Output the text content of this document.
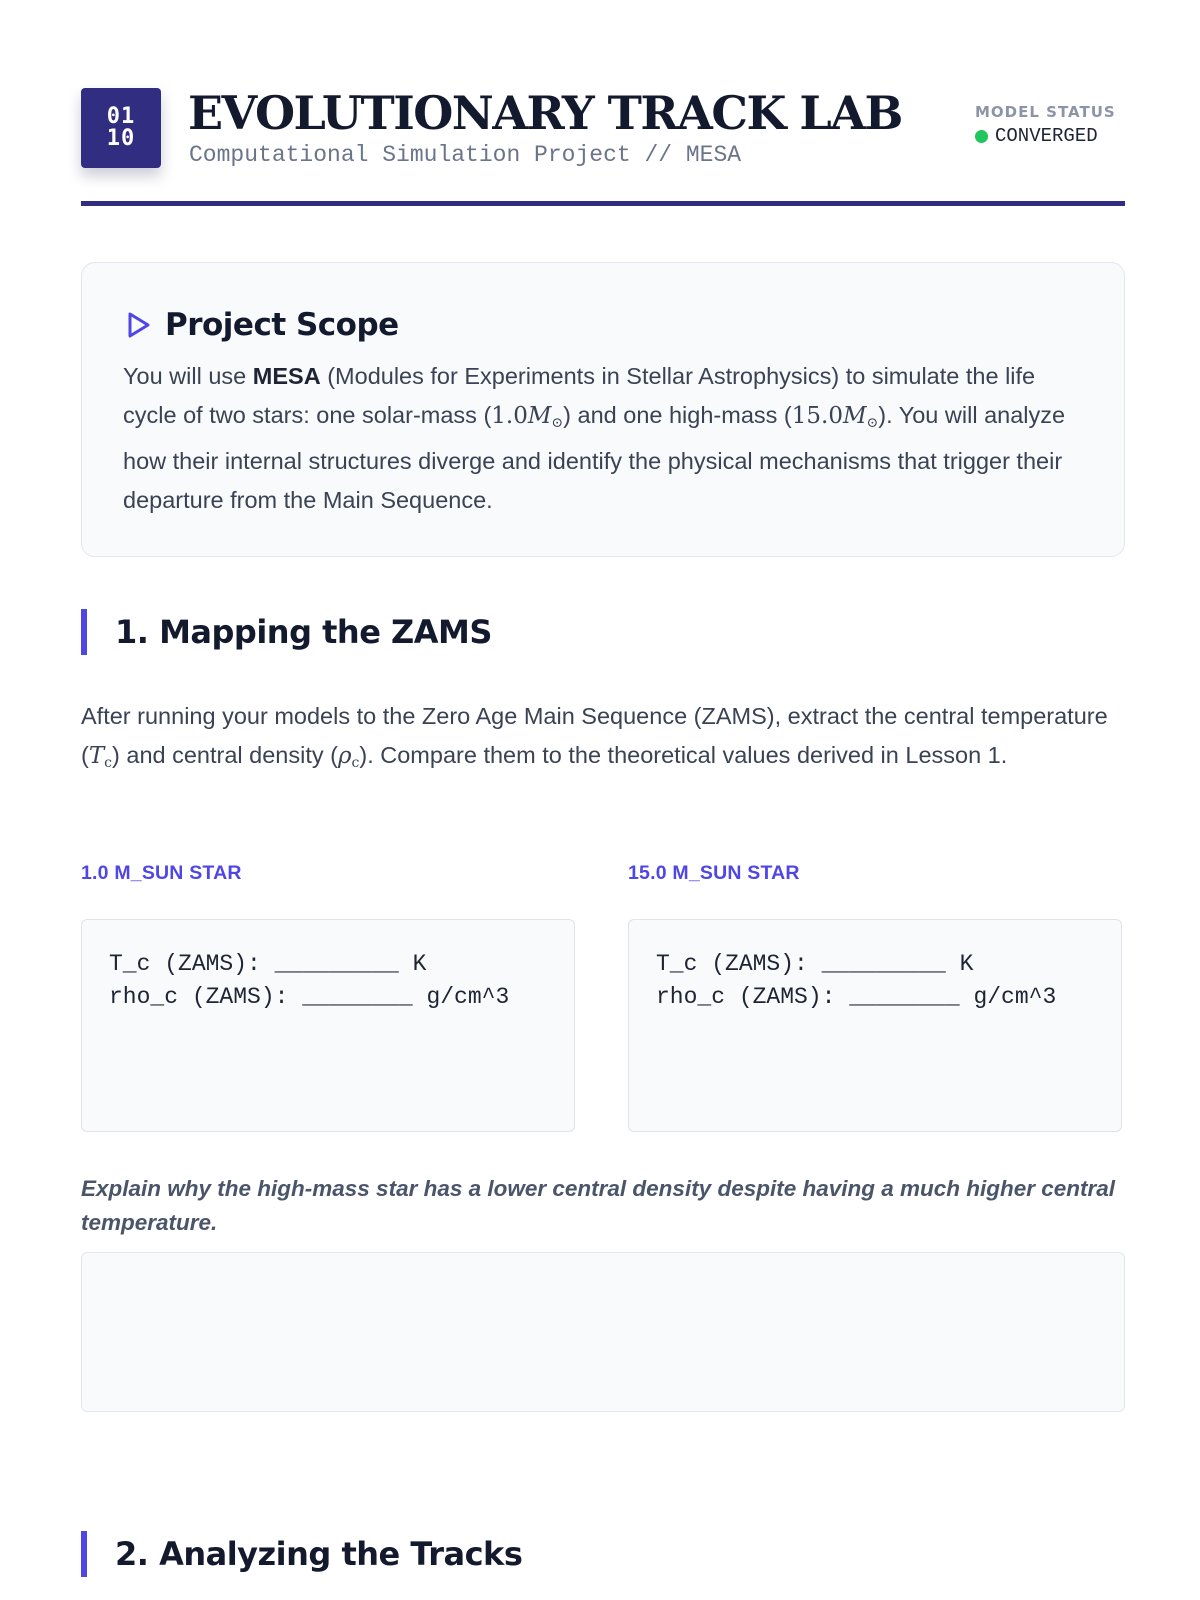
01
10 EVOLUTIONARY TRACK LAB
Computational Simulation Project // MESA
MODEL STATUS
CONVERGED
Project Scope
You will use MESA (Modules for Experiments in Stellar Astrophysics) to simulate the life cycle of two stars: one solar-mass $(1.0M_⊙)$ and one high-mass $(15.0M_⊙)$. You will analyze how their internal structures diverge and identify the physical mechanisms that trigger their departure from the Main Sequence.
1. Mapping the ZAMS
After running your models to the Zero Age Main Sequence (ZAMS), extract the central temperature $(T_c)$ and central density $(\rho_c)$. Compare them to the theoretical values derived in Lesson 1.
1.0 M_SUN STAR	15.0 M_SUN STAR
T_c (ZAMS): _________ K
rho_c (ZAMS): ________ g/cm^3
T_c (ZAMS): _________ K
rho_c (ZAMS): ________ g/cm^3
Explain why the high-mass star has a lower central density despite having a much higher central temperature.
2. Analyzing the Tracks
